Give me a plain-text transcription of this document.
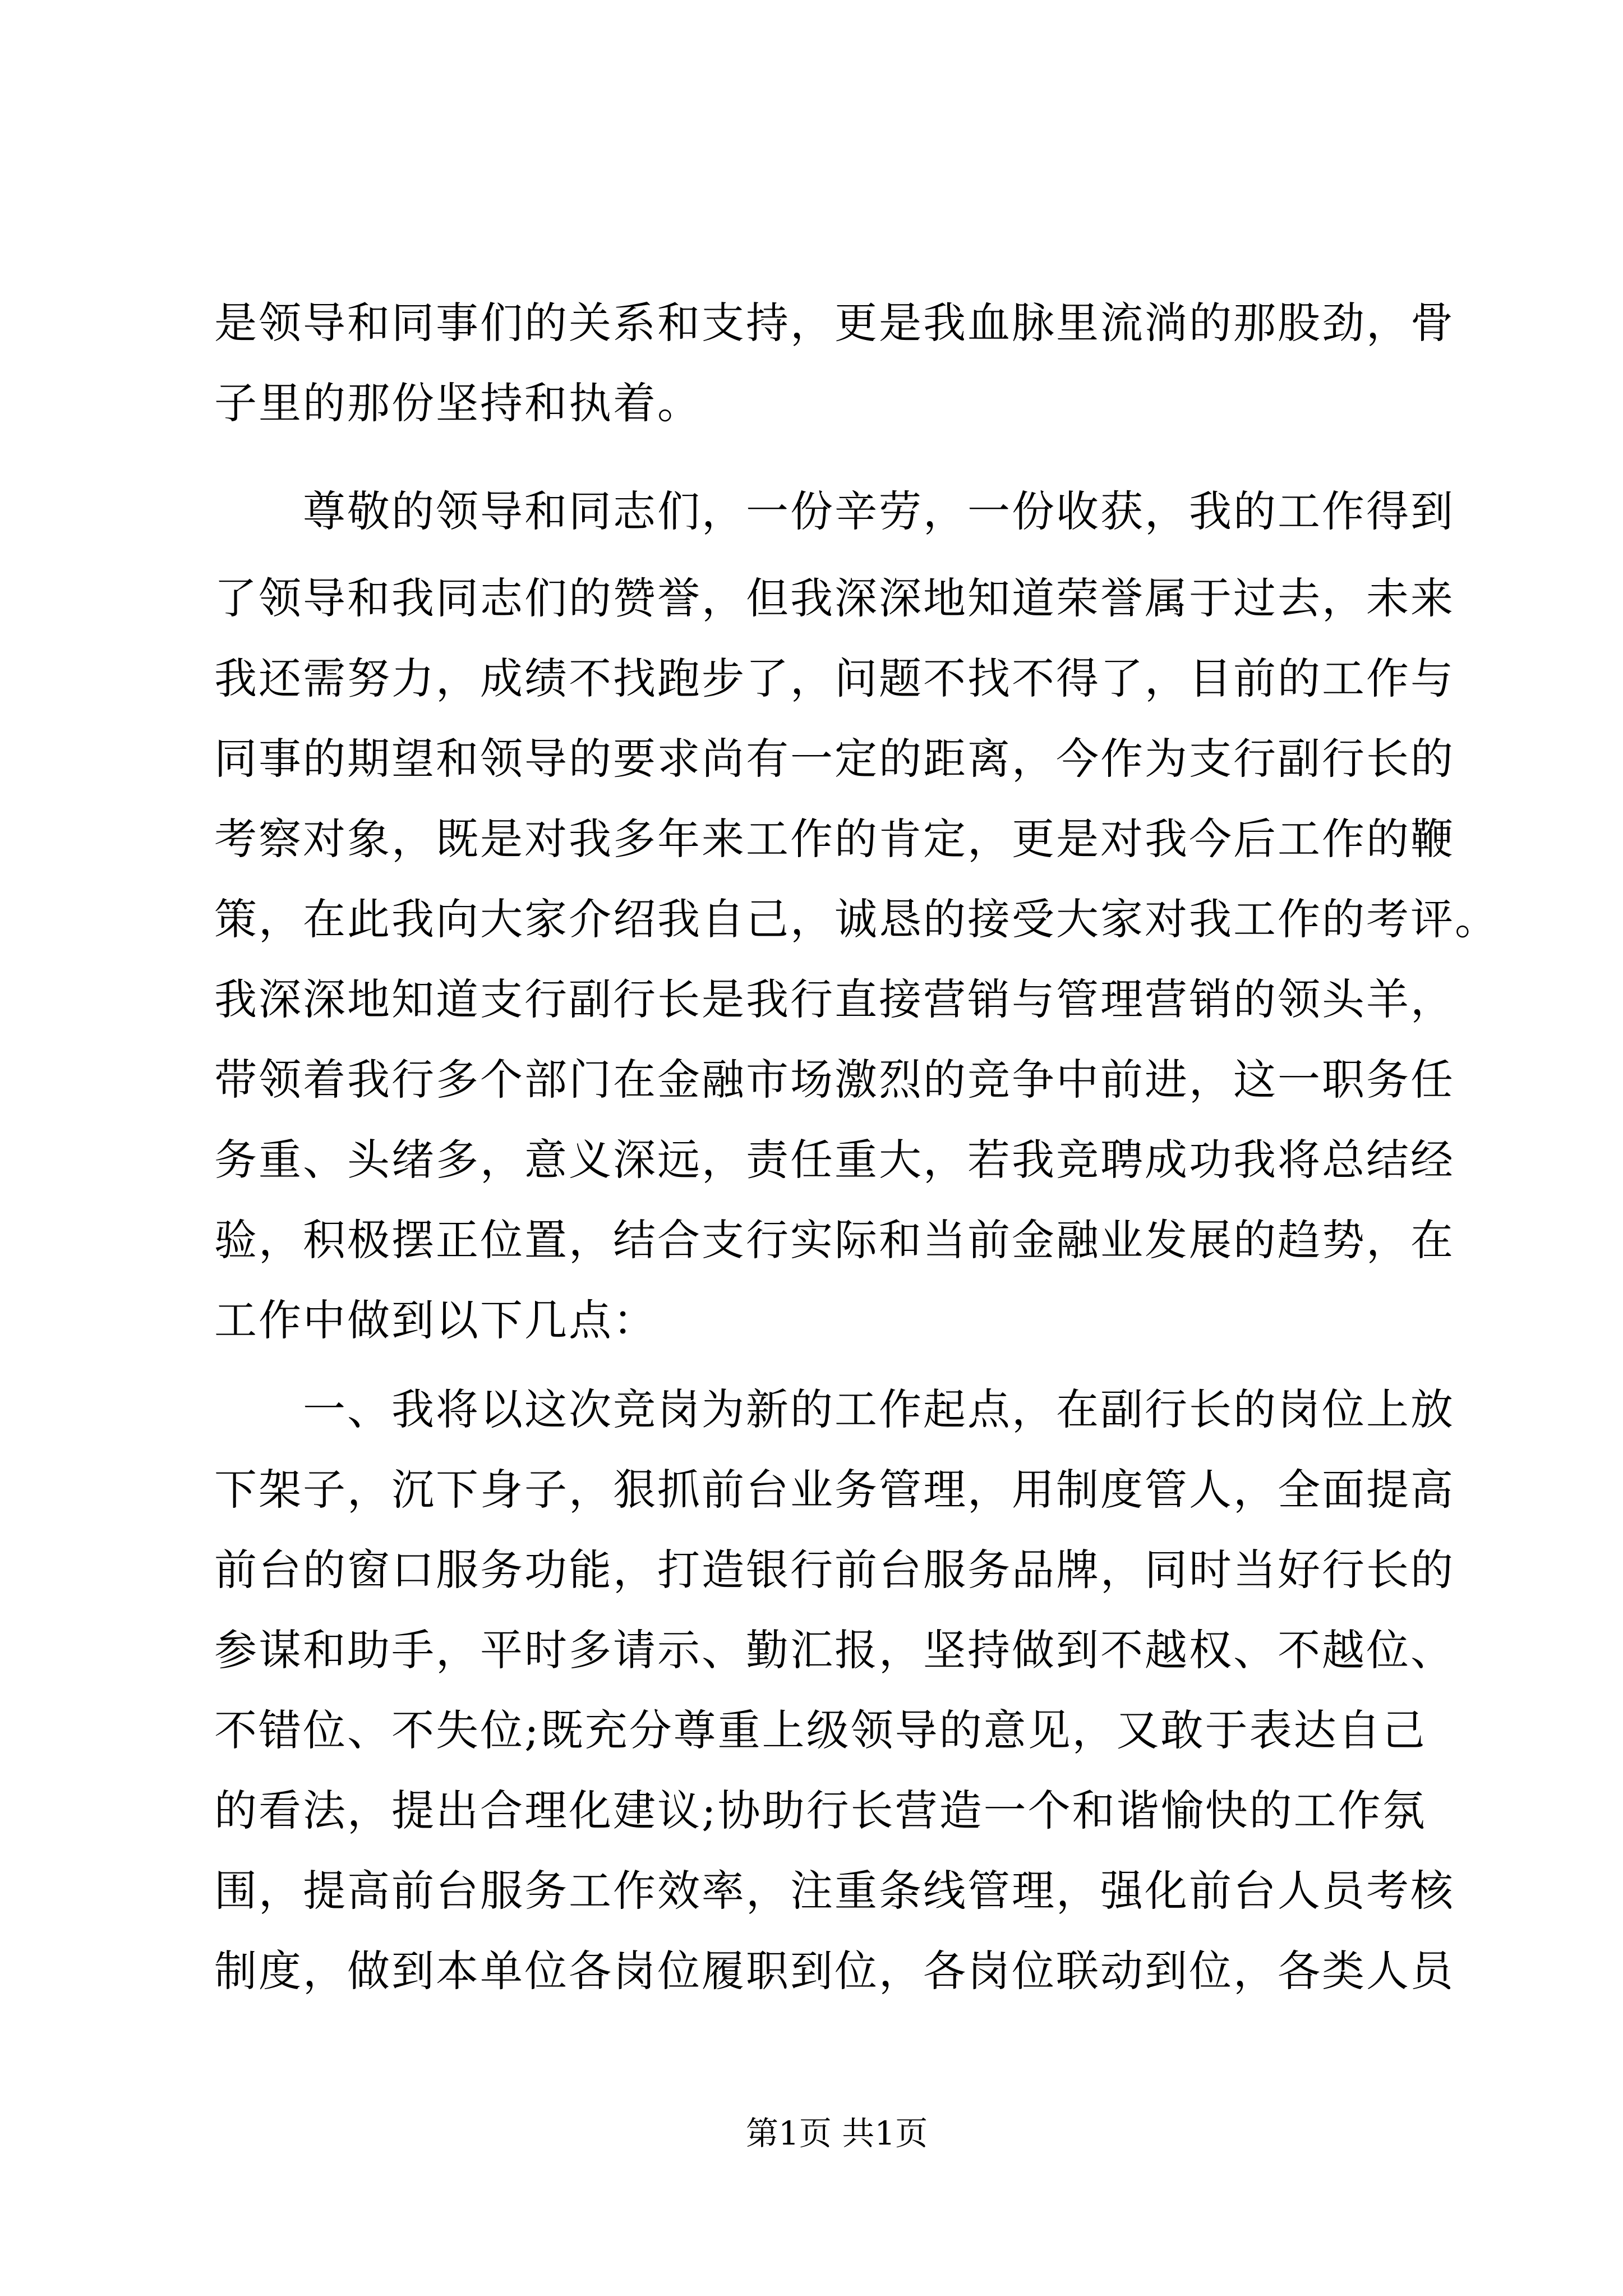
是领导和同事们的关系和支持，更是我血脉里流淌的那股劲，骨
子里的那份坚持和执着。
尊敬的领导和同志们，一份辛劳，一份收获，我的工作得到
了领导和我同志们的赞誉，但我深深地知道荣誉属于过去，未来
我还需努力，成绩不找跑步了，问题不找不得了，目前的工作与
同事的期望和领导的要求尚有一定的距离，今作为支行副行长的
考察对象，既是对我多年来工作的肯定，更是对我今后工作的鞭
策，在此我向大家介绍我自己，诚恳的接受大家对我工作的考评。
我深深地知道支行副行长是我行直接营销与管理营销的领头羊，
带领着我行多个部门在金融市场激烈的竞争中前进，这一职务任
务重、头绪多，意义深远，责任重大，若我竞聘成功我将总结经
验，积极摆正位置，结合支行实际和当前金融业发展的趋势，在
工作中做到以下几点：
一、我将以这次竞岗为新的工作起点，在副行长的岗位上放
下架子，沉下身子，狠抓前台业务管理，用制度管人，全面提高
前台的窗口服务功能，打造银行前台服务品牌，同时当好行长的
参谋和助手，平时多请示、勤汇报，坚持做到不越权、不越位、
不错位、不失位;既充分尊重上级领导的意见，又敢于表达自己
的看法，提出合理化建议;协助行长营造一个和谐愉快的工作氛
围，提高前台服务工作效率，注重条线管理，强化前台人员考核
制度，做到本单位各岗位履职到位，各岗位联动到位，各类人员
第1页 共1页
